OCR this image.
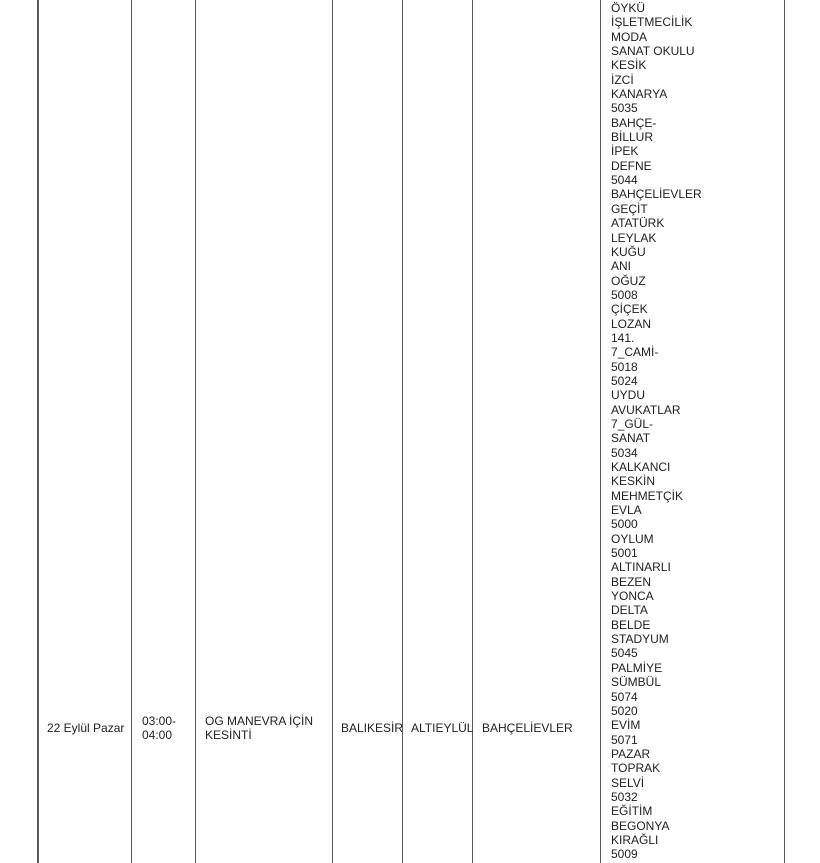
22 Eylül Pazar 03:00-
04:00
OG MANEVRA İÇİN
KESİNTİ
BALIKESİR ALTIEYLÜL BAHÇELİEVLER
ÖYKÜ
İŞLETMECİLİK
MODA
SANAT OKULU
KESİK
İZCİ
KANARYA
5035
BAHÇE-
BİLLUR
İPEK
DEFNE
5044
BAHÇELİEVLER
GEÇİT
ATATÜRK
LEYLAK
KUĞU
ANI
OĞUZ
5008
ÇİÇEK
LOZAN
141.
7_CAMİ-
5018
5024
UYDU
AVUKATLAR
7_GÜL-
SANAT
5034
KALKANCI
KESKİN
MEHMETÇİK
EVLA
5000
OYLUM
5001
ALTINARLI
BEZEN
YONCA
DELTA
BELDE
STADYUM
5045
PALMİYE
SÜMBÜL
5074
5020
EVİM
5071
PAZAR
TOPRAK
SELVİ
5032
EĞİTİM
BEGONYA
KIRAĞLI
5009
